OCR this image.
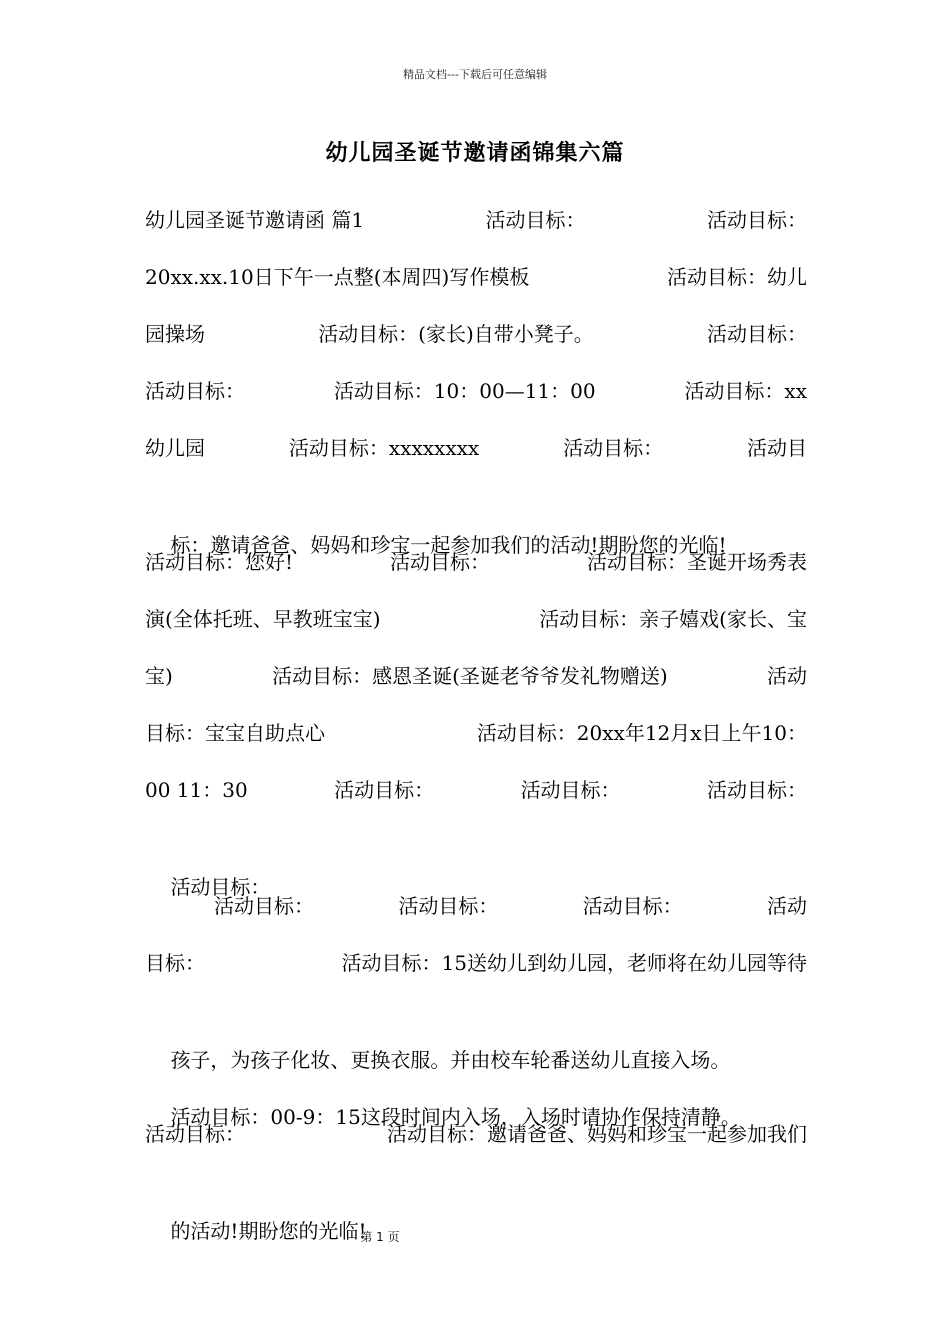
精品文档---下载后可任意编辑
幼儿园圣诞节邀请函锦集六篇
幼儿园圣诞节邀请函 篇1	活动目标：	活动目标：
20xx.xx.10日下午一点整(本周四)写作模板	活动目标：幼儿
园操场	活动目标：(家长)自带小凳子。	活动目标：
活动目标：	活动目标：10：00—11：00	活动目标：xx
幼儿园	活动目标：xxxxxxxx	活动目标：	活动目

标：邀请爸爸、妈妈和珍宝一起参加我们的活动!期盼您的光临!

活动目标：您好!	活动目标：	活动目标：圣诞开场秀表
演(全体托班、早教班宝宝)	活动目标：亲子嬉戏(家长、宝
宝)	活动目标：感恩圣诞(圣诞老爷爷发礼物赠送)	活动
目标：宝宝自助点心	活动目标：20xx年12月x日上午10：
00 11：30	活动目标：	活动目标：	活动目标：

活动目标：

活动目标：	活动目标：	活动目标：	活动
目标：	活动目标：15送幼儿到幼儿园，老师将在幼儿园等待

孩子，为孩子化妆、更换衣服。并由校车轮番送幼儿直接入场。

活动目标：00-9：15这段时间内入场，入场时请协作保持清静。

活动目标：	活动目标：邀请爸爸、妈妈和珍宝一起参加我们

的活动!期盼您的光临!

第 1 页
